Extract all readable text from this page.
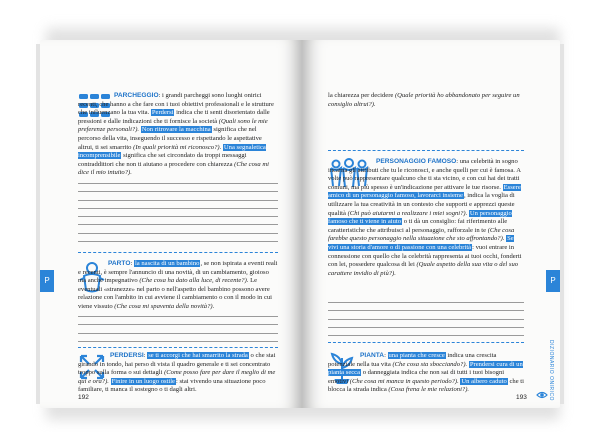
PARCHEGGIO: i grandi parcheggi sono luoghi onirici recenti, che hanno a che fare con i tuoi obiettivi professionali e le strutture che influenzano la tua vita. Perdersi indica che ti senti disorientato dalle pressioni e dalle indicazioni che ti fornisce la società (Quali sono le mie preferenze personali?). Non ritrovare la macchina significa che nel percorso della vita, inseguendo il successo e rispettando le aspettative altrui, ti sei smarrito (In quali priorità mi riconosco?). Una segnaletica incomprensibile significa che sei circondato da troppi messaggi contraddittori che non ti aiutano a procedere con chiarezza (Che cosa mi dice il mio intuito?).
PARTO: la nascita di un bambino, se non ispirata a eventi reali e recenti, è sempre l'annuncio di una novità, di un cambiamento, gioioso ma anche impegnativo (Che cosa ha dato alla luce, di recente?). Le eventuali «stranezze» nel parto o nell'aspetto del bambino possono avere relazione con l'ambito in cui avviene il cambiamento o con il modo in cui viene vissuto (Che cosa mi spaventa della novità?).
PERDERSI: se ti accorgi che hai smarrito la strada o che stai girando in tondo, hai perso di vista il quadro generale e ti sei concentrato troppo sulla forma o sui dettagli (Come posso fare per dare il meglio di me qui e ora?). Finire in un luogo ostile: stai vivendo una situazione poco familiare, ti manca il sostegno o ti dagli altri.
P
192
la chiarezza per decidere (Quale priorità ho abbandonato per seguire un consiglio altrui?).
PERSONAGGIO FAMOSO: una celebrità in sogno incarna gli attributi che tu le riconosci, e anche quelli per cui è famosa. A volte può rappresentare qualcuno che ti sta vicino, e con cui hai dei tratti comuni, ma più spesso è un'indicazione per attivare le tue risorse. Essere amico di un personaggio famoso, lavorarci insieme, indica la voglia di utilizzare la tua creatività in un contesto che supporti e apprezzi queste qualità (Chi può aiutarmi a realizzare i miei sogni?). Un personaggio famoso che ti viene in aiuto o ti dà un consiglio: fai riferimento alle caratteristiche che attribuisci al personaggio, rafforzale in te (Che cosa farebbe questo personaggio nella situazione che sto affrontando?). Se vivi una storia d'amore o di passione con una celebrità: vuoi entrare in connessione con quello che la celebrità rappresenta ai tuoi occhi, fonderti con lei, possedere qualcosa di lei (Quale aspetto della sua vita o del suo carattere invidio di più?).
PIANTA: una pianta che cresce indica una crescita potenziale nella tua vita (Che cosa sta sbocciando?). Prendersi cura di un pianta secca o danneggiata indica che non sai di tutti i tuoi bisogni emotivi (Che cosa mi manca in questo periodo?). Un albero caduto che ti blocca la strada indica (Cosa frena le mie relazioni?).
P
DIZIONARIO ONIRICO
193
